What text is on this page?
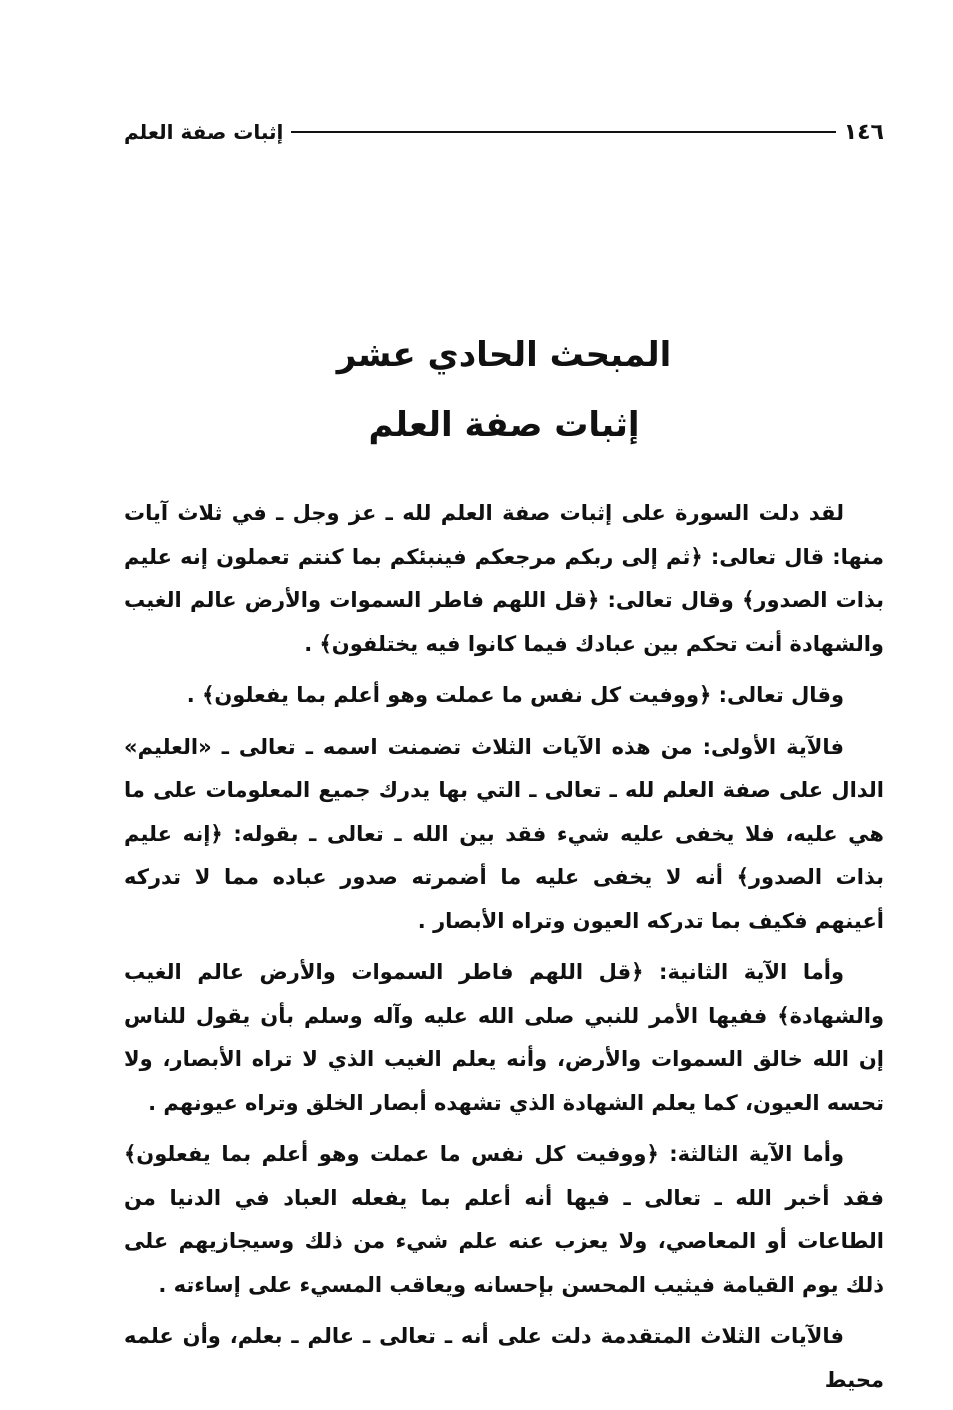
١٤٦
إثبات صفة العلم
المبحث الحادي عشر
إثبات صفة العلم

لقد دلت السورة على إثبات صفة العلم لله ـ عز وجل ـ في ثلاث آيات منها: قال تعالى: ﴿ثم إلى ربكم مرجعكم فينبئكم بما كنتم تعملون إنه عليم بذات الصدور﴾ وقال تعالى: ﴿قل اللهم فاطر السموات والأرض عالم الغيب والشهادة أنت تحكم بين عبادك فيما كانوا فيه يختلفون﴾ .

وقال تعالى: ﴿ووفيت كل نفس ما عملت وهو أعلم بما يفعلون﴾ .

فالآية الأولى: من هذه الآيات الثلاث تضمنت اسمه ـ تعالى ـ «العليم» الدال على صفة العلم لله ـ تعالى ـ التي بها يدرك جميع المعلومات على ما هي عليه، فلا يخفى عليه شيء فقد بين الله ـ تعالى ـ بقوله: ﴿إنه عليم بذات الصدور﴾ أنه لا يخفى عليه ما أضمرته صدور عباده مما لا تدركه أعينهم فكيف بما تدركه العيون وتراه الأبصار .

وأما الآية الثانية: ﴿قل اللهم فاطر السموات والأرض عالم الغيب والشهادة﴾ ففيها الأمر للنبي صلى الله عليه وآله وسلم بأن يقول للناس إن الله خالق السموات والأرض، وأنه يعلم الغيب الذي لا تراه الأبصار، ولا تحسه العيون، كما يعلم الشهادة الذي تشهده أبصار الخلق وتراه عيونهم .

وأما الآية الثالثة: ﴿ووفيت كل نفس ما عملت وهو أعلم بما يفعلون﴾ فقد أخبر الله ـ تعالى ـ فيها أنه أعلم بما يفعله العباد في الدنيا من الطاعات أو المعاصي، ولا يعزب عنه علم شيء من ذلك وسيجازيهم على ذلك يوم القيامة فيثيب المحسن بإحسانه ويعاقب المسيء على إساءته .

فالآيات الثلاث المتقدمة دلت على أنه ـ تعالى ـ عالم ـ بعلم، وأن علمه محيط
